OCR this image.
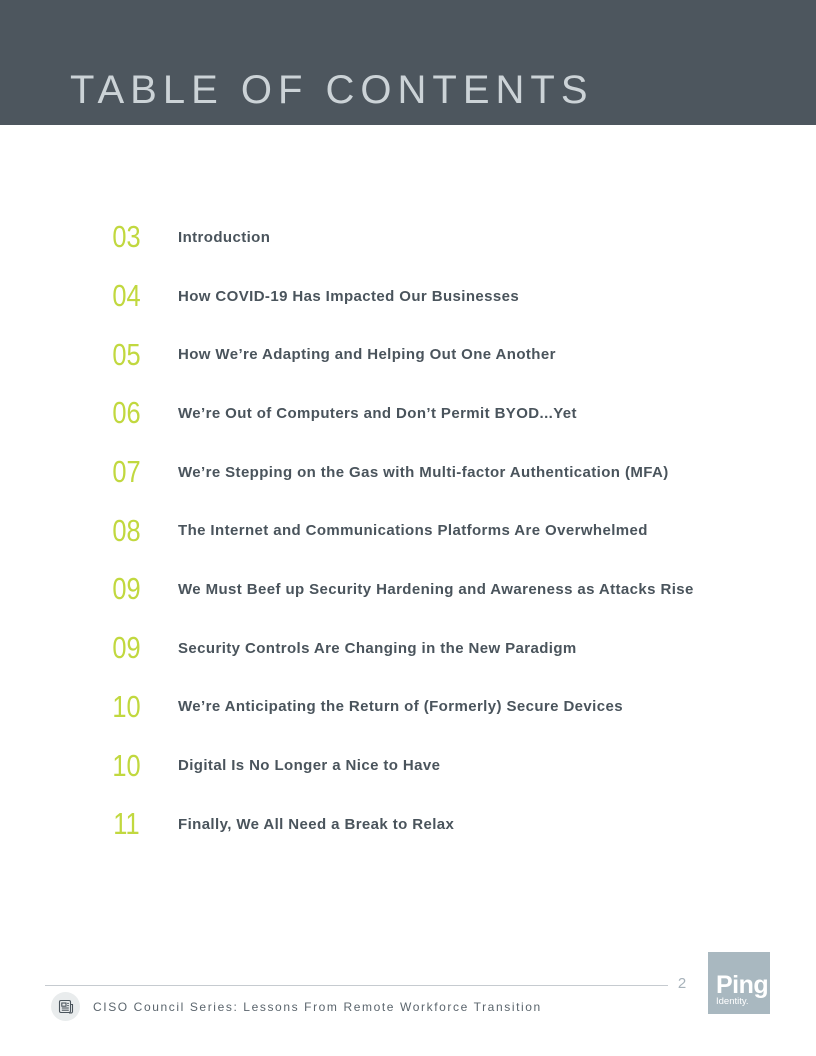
TABLE OF CONTENTS
03 Introduction
04 How COVID-19 Has Impacted Our Businesses
05 How We’re Adapting and Helping Out One Another
06 We’re Out of Computers and Don’t Permit BYOD...Yet
07 We’re Stepping on the Gas with Multi-factor Authentication (MFA)
08 The Internet and Communications Platforms Are Overwhelmed
09 We Must Beef up Security Hardening and Awareness as Attacks Rise
09 Security Controls Are Changing in the New Paradigm
10 We’re Anticipating the Return of (Formerly) Secure Devices
10 Digital Is No Longer a Nice to Have
11	Finally, We All Need a Break to Relax
2 Ping
Identity.
CISO Council Series: Lessons From Remote Workforce Transition
